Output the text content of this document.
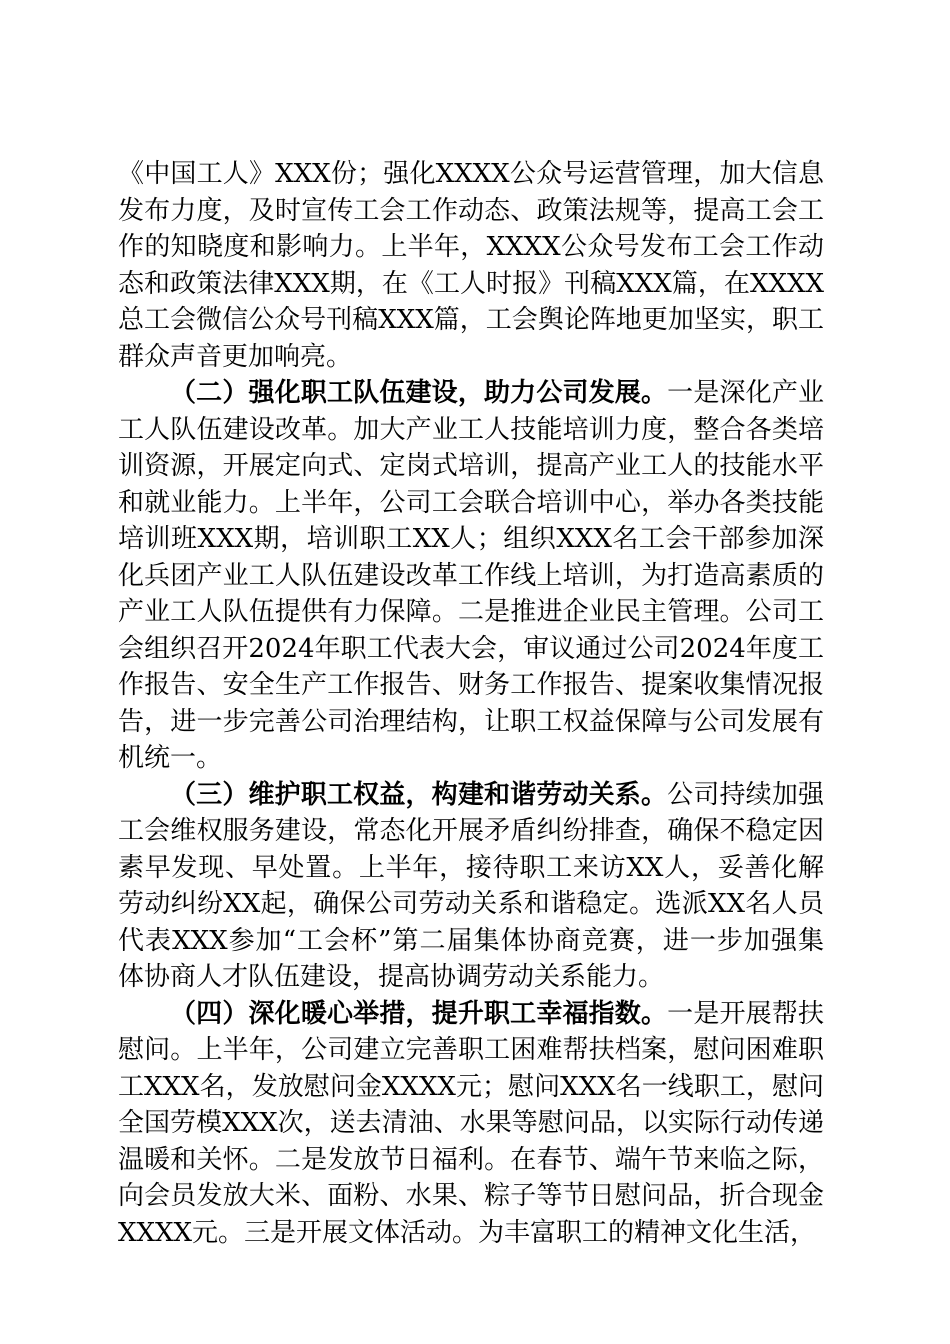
《中国工人》XXX份；强化XXXX公众号运营管理，加大信息发布力度，及时宣传工会工作动态、政策法规等，提高工会工作的知晓度和影响力。上半年，XXXX公众号发布工会工作动态和政策法律XXX期，在《工人时报》刊稿XXX篇，在XXXX总工会微信公众号刊稿XXX篇，工会舆论阵地更加坚实，职工群众声音更加响亮。

（二）强化职工队伍建设，助力公司发展。一是深化产业工人队伍建设改革。加大产业工人技能培训力度，整合各类培训资源，开展定向式、定岗式培训，提高产业工人的技能水平和就业能力。上半年，公司工会联合培训中心，举办各类技能培训班XXX期，培训职工XX人；组织XXX名工会干部参加深化兵团产业工人队伍建设改革工作线上培训，为打造高素质的产业工人队伍提供有力保障。二是推进企业民主管理。公司工会组织召开2024年职工代表大会，审议通过公司2024年度工作报告、安全生产工作报告、财务工作报告、提案收集情况报告，进一步完善公司治理结构，让职工权益保障与公司发展有机统一。

（三）维护职工权益，构建和谐劳动关系。公司持续加强工会维权服务建设，常态化开展矛盾纠纷排查，确保不稳定因素早发现、早处置。上半年，接待职工来访XX人，妥善化解劳动纠纷XX起，确保公司劳动关系和谐稳定。选派XX名人员代表XXX参加“工会杯”第二届集体协商竞赛，进一步加强集体协商人才队伍建设，提高协调劳动关系能力。

（四）深化暖心举措，提升职工幸福指数。一是开展帮扶慰问。上半年，公司建立完善职工困难帮扶档案，慰问困难职工XXX名，发放慰问金XXXX元；慰问XXX名一线职工，慰问全国劳模XXX次，送去清油、水果等慰问品，以实际行动传递温暖和关怀。二是发放节日福利。在春节、端午节来临之际，向会员发放大米、面粉、水果、粽子等节日慰问品，折合现金XXXX元。三是开展文体活动。为丰富职工的精神文化生活，
